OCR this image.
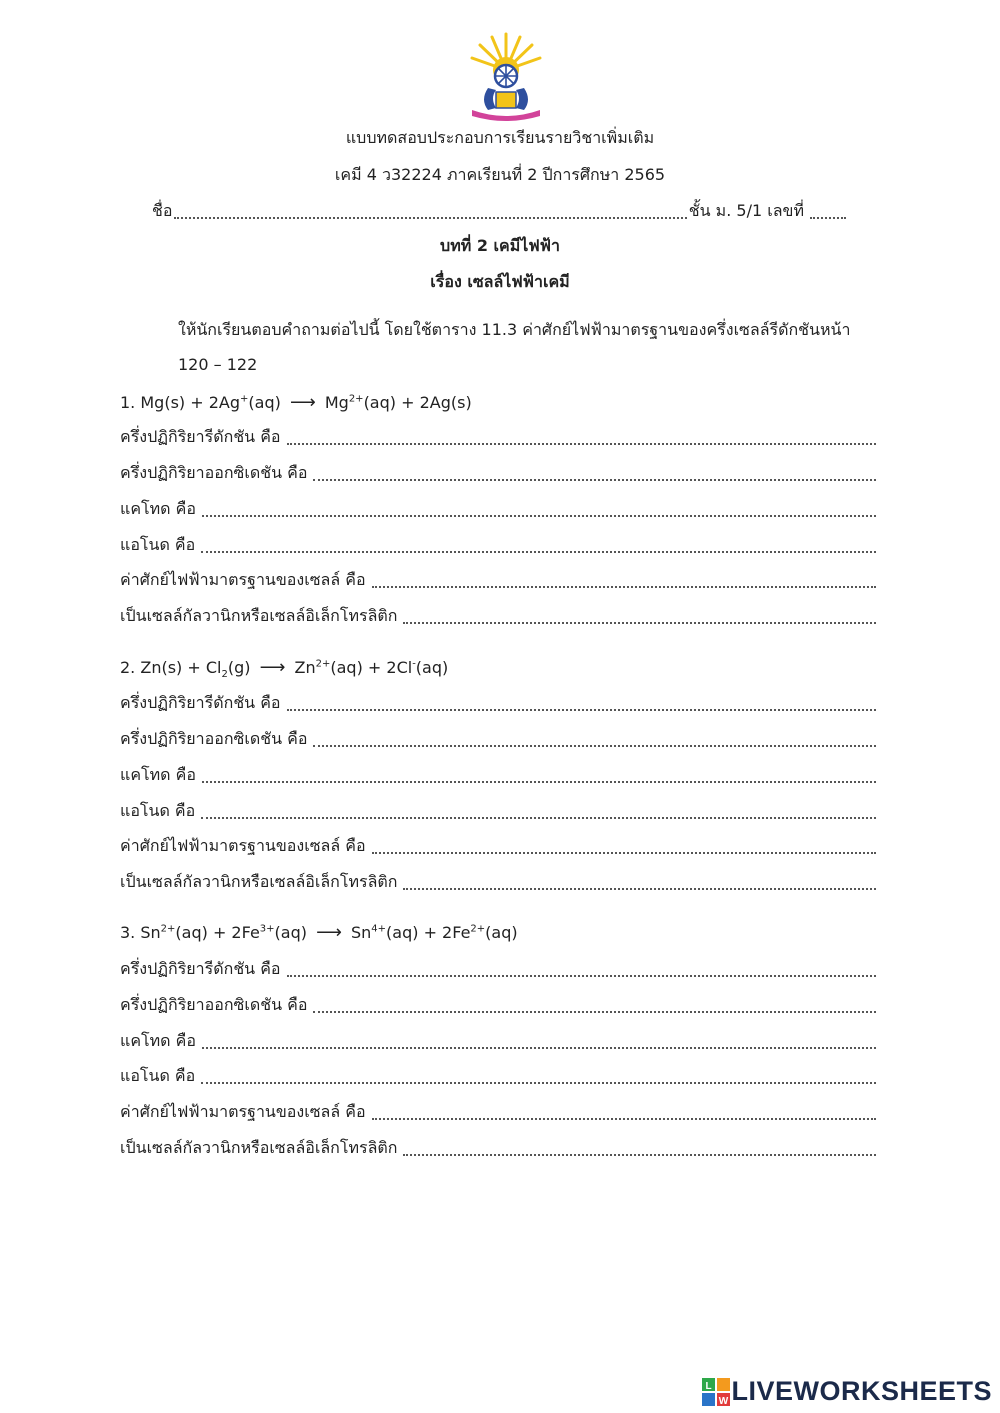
แบบทดสอบประกอบการเรียนรายวิชาเพิ่มเติม
เคมี 4 ว32224 ภาคเรียนที่ 2 ปีการศึกษา 2565
ชื่อ	ชั้น ม. 5/1 เลขที่
บทที่ 2 เคมีไฟฟ้า
เรื่อง เซลล์ไฟฟ้าเคมี
ให้นักเรียนตอบคำถามต่อไปนี้ โดยใช้ตาราง 11.3 ค่าศักย์ไฟฟ้ามาตรฐานของครึ่งเซลล์รีดักชันหน้า
120 – 122
1. Mg(s) + 2Ag+(aq) ⟶ $Mg^{2+}(aq) + 2Ag(s)$
ครึ่งปฏิกิริยารีดักชัน คือ
ครึ่งปฏิกิริยาออกซิเดชัน คือ
แคโทด คือ
แอโนด คือ
ค่าศักย์ไฟฟ้ามาตรฐานของเซลล์ คือ
เป็นเซลล์กัลวานิกหรือเซลล์อิเล็กโทรลิติก
2. $Zn(s) + Cl_2(g)$ ⟶ $Zn^{2+}(aq) + 2Cl^-(aq)$
ครึ่งปฏิกิริยารีดักชัน คือ
ครึ่งปฏิกิริยาออกซิเดชัน คือ
แคโทด คือ
แอโนด คือ
ค่าศักย์ไฟฟ้ามาตรฐานของเซลล์ คือ
เป็นเซลล์กัลวานิกหรือเซลล์อิเล็กโทรลิติก
3. $Sn^{2+}(aq) + 2Fe^{3+}(aq)$ ⟶ $Sn^{4+}(aq) + 2Fe^{2+}(aq)$
ครึ่งปฏิกิริยารีดักชัน คือ
ครึ่งปฏิกิริยาออกซิเดชัน คือ
แคโทด คือ
แอโนด คือ
ค่าศักย์ไฟฟ้ามาตรฐานของเซลล์ คือ
เป็นเซลล์กัลวานิกหรือเซลล์อิเล็กโทรลิติก
L
W LIVEWORKSHEETS
